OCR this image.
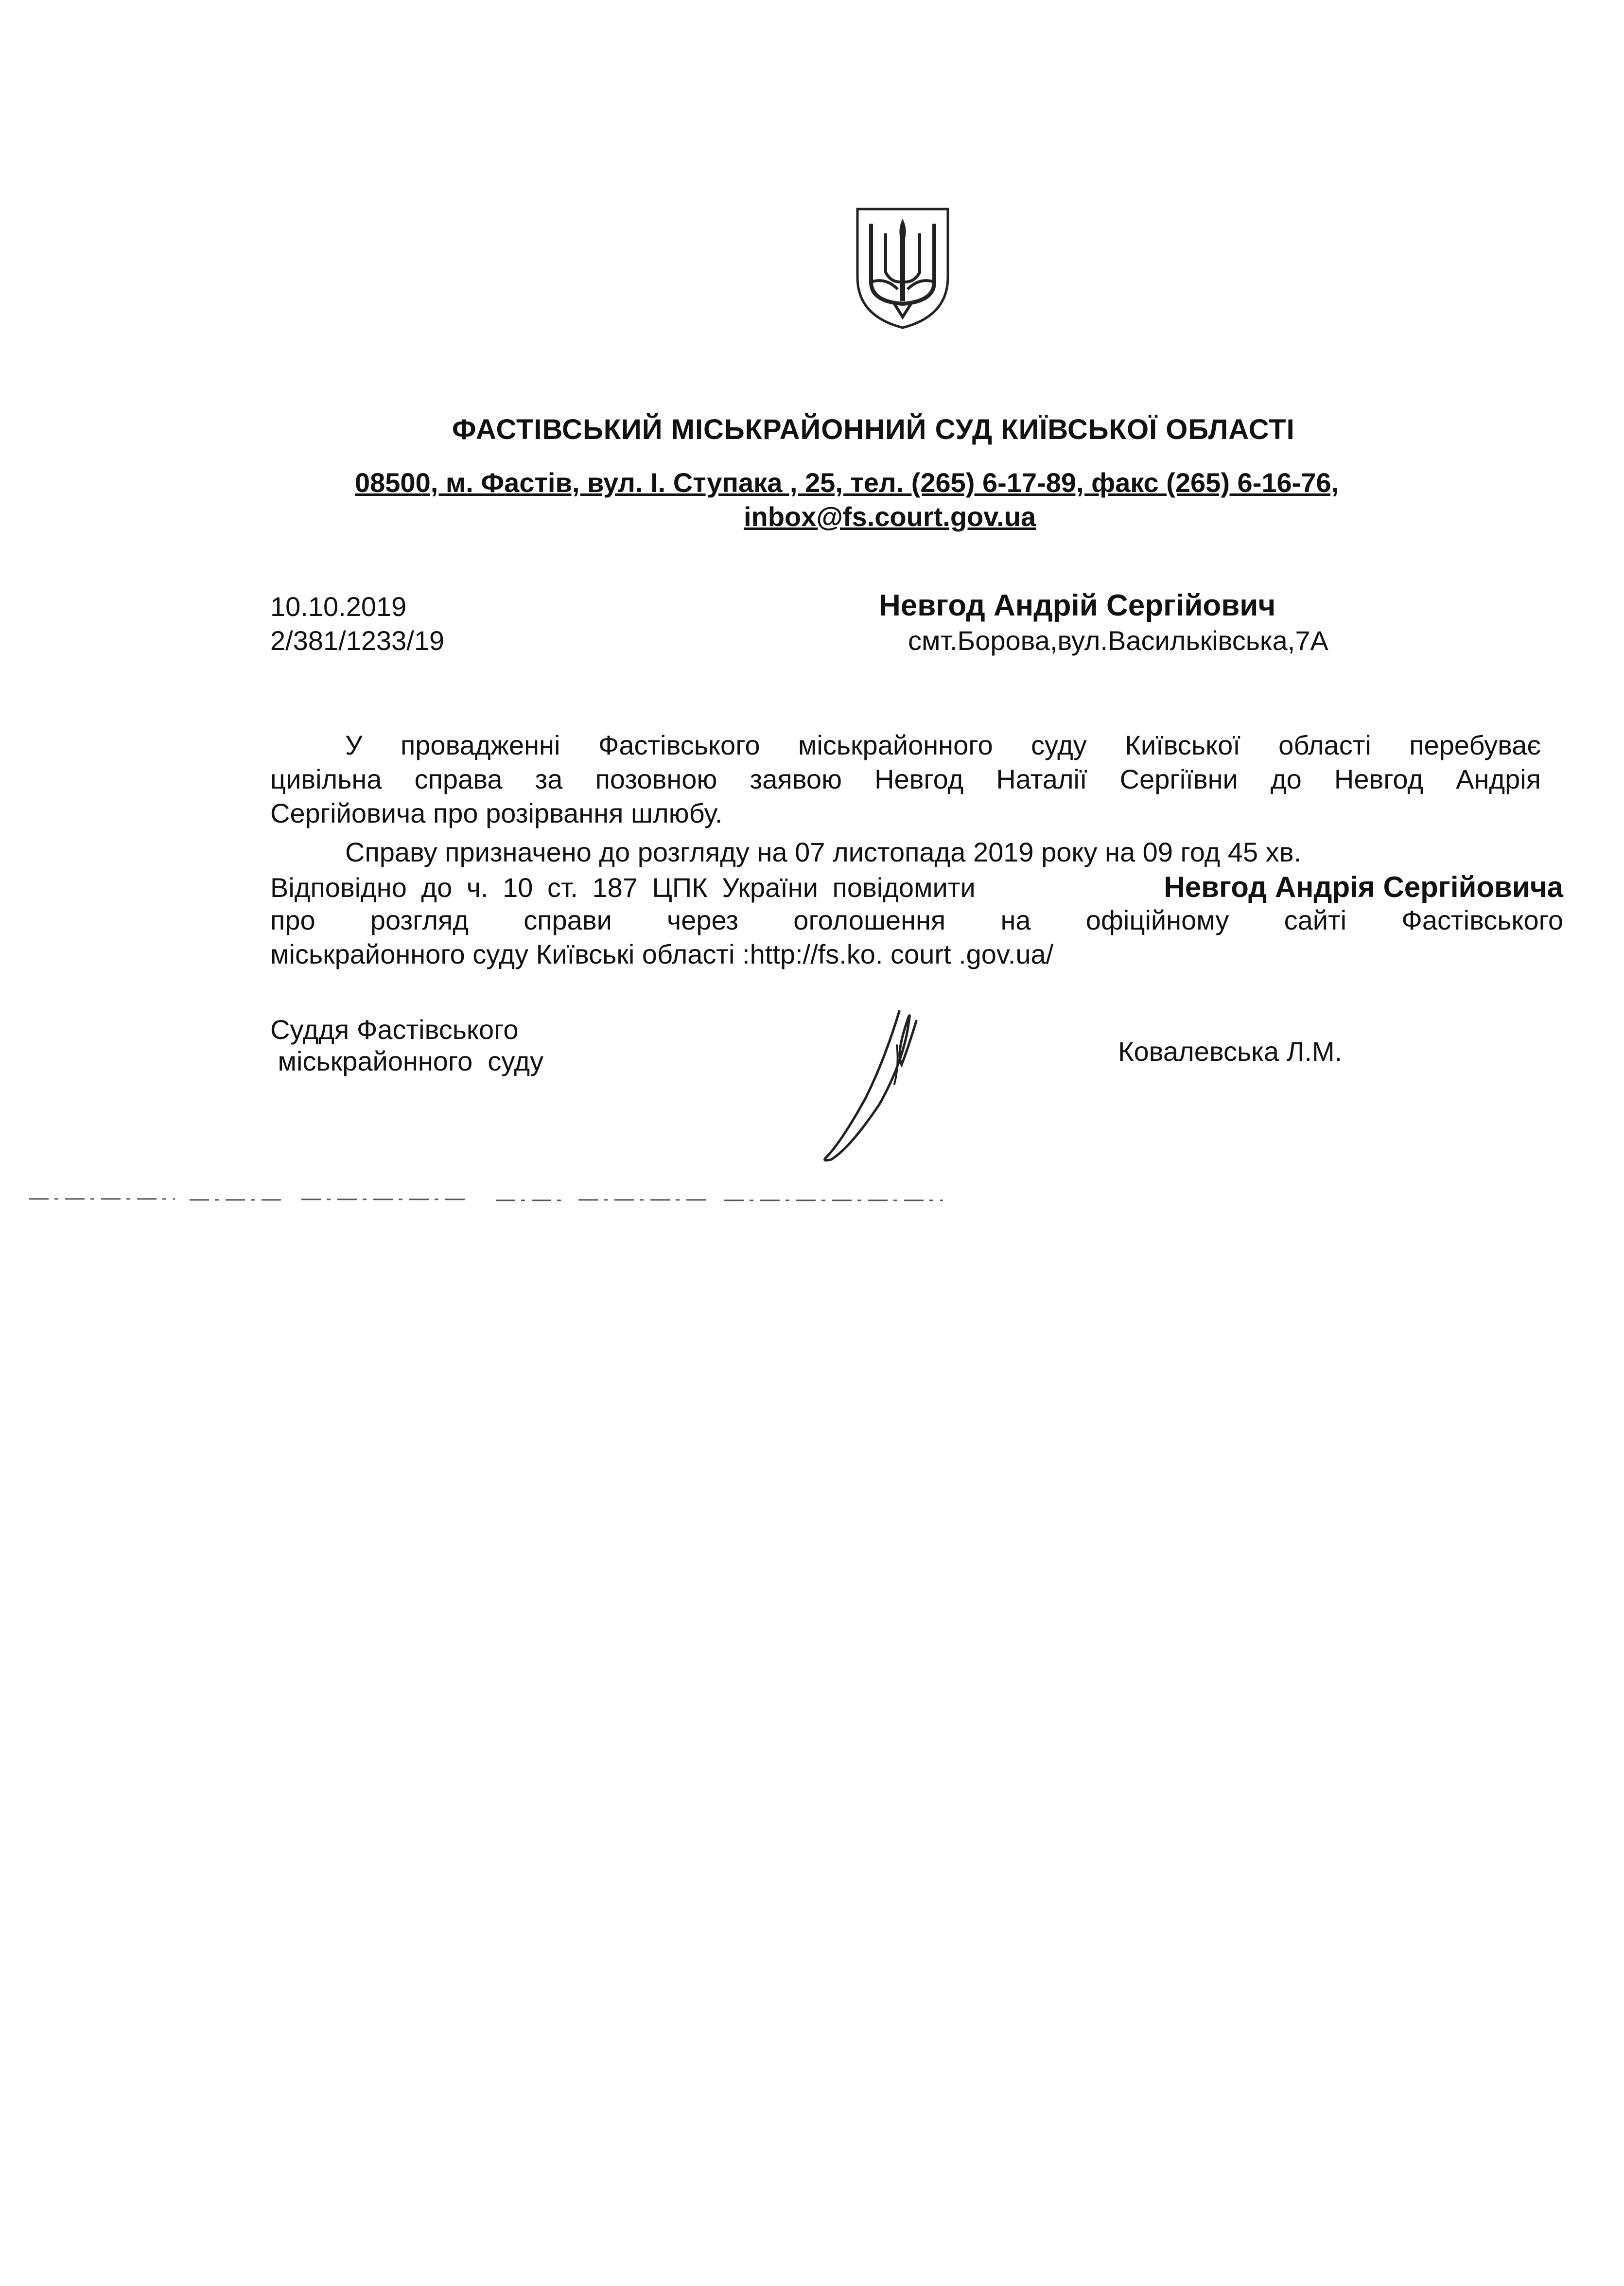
ФАСТІВСЬКИЙ МІСЬКРАЙОННИЙ СУД КИЇВСЬКОЇ ОБЛАСТІ
08500, м. Фастів, вул. І. Ступака , 25, тел. (265) 6-17-89, факс (265) 6-16-76,
inbox@fs.court.gov.ua
10.10.2019
2/381/1233/19
Невгод Андрій Сергійович
смт.Борова,вул.Васильківська,7А
У провадженні Фастівського міськрайонного суду Київської області перебуває
цивільна справа за позовною заявою Невгод Наталії Сергіївни до Невгод Андрія
Сергійовича про розірвання шлюбу.
Справу призначено до розгляду на 07 листопада 2019 року на 09 год 45 хв.
Відповідно до ч. 10 ст. 187 ЦПК України повідомити	Невгод Андрія Сергійовича
про розгляд справи через оголошення на офіційному сайті Фастівського
міськрайонного суду Київські області :http://fs.ko. court .gov.ua/
Суддя Фастівського
міськрайонного  суду	Ковалевська Л.М.
